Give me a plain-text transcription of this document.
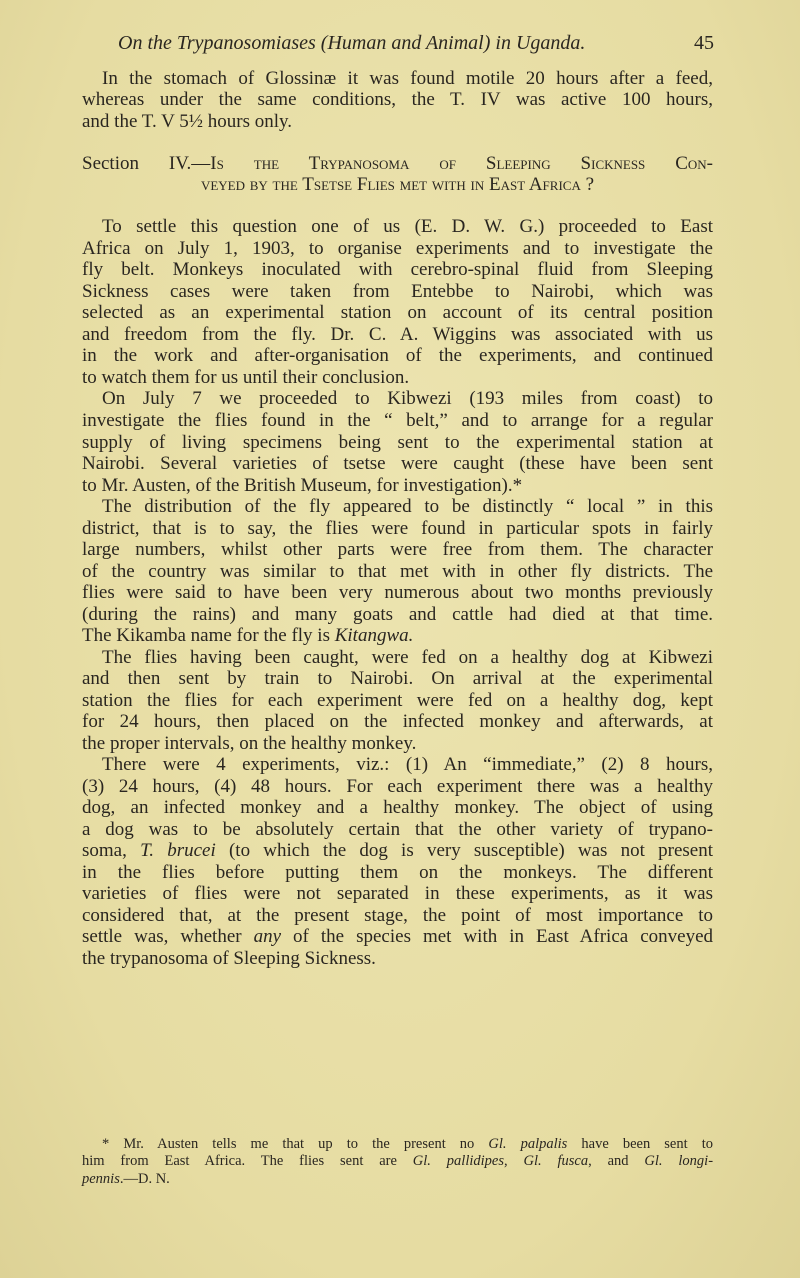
On the Trypanosomiases (Human and Animal) in Uganda.	45
In the stomach of Glossinæ it was found motile 20 hours after a feed,
whereas under the same conditions, the T. IV was active 100 hours,
and the T. V 5½ hours only.
Section IV.—Is the Trypanosoma of Sleeping Sickness Con-
veyed by the Tsetse Flies met with in East Africa ?
To settle this question one of us (E. D. W. G.) proceeded to East
Africa on July 1, 1903, to organise experiments and to investigate the
fly belt. Monkeys inoculated with cerebro-spinal fluid from Sleeping
Sickness cases were taken from Entebbe to Nairobi, which was
selected as an experimental station on account of its central position
and freedom from the fly. Dr. C. A. Wiggins was associated with us
in the work and after-organisation of the experiments, and continued
to watch them for us until their conclusion.
On July 7 we proceeded to Kibwezi (193 miles from coast) to
investigate the flies found in the “ belt,” and to arrange for a regular
supply of living specimens being sent to the experimental station at
Nairobi. Several varieties of tsetse were caught (these have been sent
to Mr. Austen, of the British Museum, for investigation).*
The distribution of the fly appeared to be distinctly “ local ” in this
district, that is to say, the flies were found in particular spots in fairly
large numbers, whilst other parts were free from them. The character
of the country was similar to that met with in other fly districts. The
flies were said to have been very numerous about two months previously
(during the rains) and many goats and cattle had died at that time.
The Kikamba name for the fly is Kitangwa.
The flies having been caught, were fed on a healthy dog at Kibwezi
and then sent by train to Nairobi. On arrival at the experimental
station the flies for each experiment were fed on a healthy dog, kept
for 24 hours, then placed on the infected monkey and afterwards, at
the proper intervals, on the healthy monkey.
There were 4 experiments, viz.: (1) An “immediate,” (2) 8 hours,
(3) 24 hours, (4) 48 hours. For each experiment there was a healthy
dog, an infected monkey and a healthy monkey. The object of using
a dog was to be absolutely certain that the other variety of trypano-
soma, T. brucei (to which the dog is very susceptible) was not present
in the flies before putting them on the monkeys. The different
varieties of flies were not separated in these experiments, as it was
considered that, at the present stage, the point of most importance to
settle was, whether any of the species met with in East Africa conveyed
the trypanosoma of Sleeping Sickness.
* Mr. Austen tells me that up to the present no Gl. palpalis have been sent to
him from East Africa. The flies sent are Gl. pallidipes, Gl. fusca, and Gl. longi-
pennis.—D. N.
